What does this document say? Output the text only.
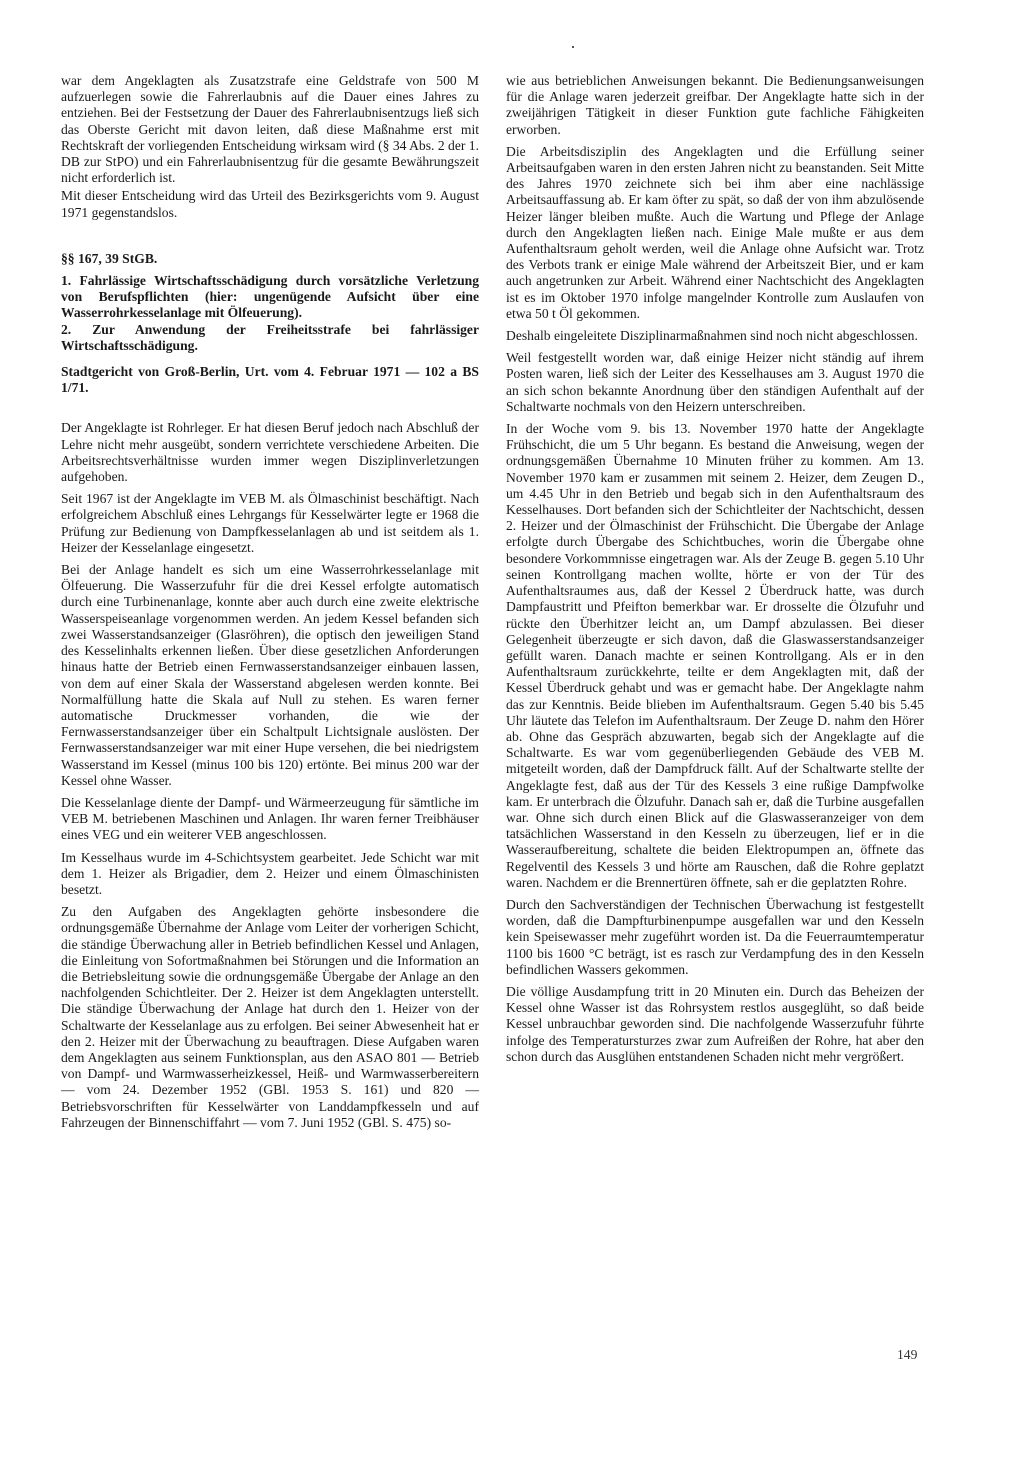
war dem Angeklagten als Zusatzstrafe eine Geldstrafe von 500 M aufzuerlegen sowie die Fahrerlaubnis auf die Dauer eines Jahres zu entziehen. Bei der Festsetzung der Dauer des Fahrerlaubnisentzugs ließ sich das Oberste Gericht mit davon leiten, daß diese Maßnahme erst mit Rechtskraft der vorliegenden Entscheidung wirksam wird (§ 34 Abs. 2 der 1. DB zur StPO) und ein Fahrerlaubnisentzug für die gesamte Bewährungszeit nicht erforderlich ist.

Mit dieser Entscheidung wird das Urteil des Bezirksgerichts vom 9. August 1971 gegenstandslos.

§§ 167, 39 StGB.

1. Fahrlässige Wirtschaftsschädigung durch vorsätzliche Verletzung von Berufspflichten (hier: ungenügende Aufsicht über eine Wasserrohrkesselanlage mit Ölfeuerung).

2. Zur Anwendung der Freiheitsstrafe bei fahrlässiger Wirtschaftsschädigung.

Stadtgericht von Groß-Berlin, Urt. vom 4. Februar 1971 — 102 a BS 1/71.

Der Angeklagte ist Rohrleger. Er hat diesen Beruf jedoch nach Abschluß der Lehre nicht mehr ausgeübt, sondern verrichtete verschiedene Arbeiten. Die Arbeitsrechtsverhältnisse wurden immer wegen Disziplinverletzungen aufgehoben.

Seit 1967 ist der Angeklagte im VEB M. als Ölmaschinist beschäftigt. Nach erfolgreichem Abschluß eines Lehrgangs für Kesselwärter legte er 1968 die Prüfung zur Bedienung von Dampfkesselanlagen ab und ist seitdem als 1. Heizer der Kesselanlage eingesetzt.

Bei der Anlage handelt es sich um eine Wasserrohrkesselanlage mit Ölfeuerung. Die Wasserzufuhr für die drei Kessel erfolgte automatisch durch eine Turbinenanlage, konnte aber auch durch eine zweite elektrische Wasserspeiseanlage vorgenommen werden. An jedem Kessel befanden sich zwei Wasserstandsanzeiger (Glasröhren), die optisch den jeweiligen Stand des Kesselinhalts erkennen ließen. Über diese gesetzlichen Anforderungen hinaus hatte der Betrieb einen Fernwasserstandsanzeiger einbauen lassen, von dem auf einer Skala der Wasserstand abgelesen werden konnte. Bei Normalfüllung hatte die Skala auf Null zu stehen. Es waren ferner automatische Druckmesser vorhanden, die wie der Fernwasserstandsanzeiger über ein Schaltpult Lichtsignale auslösten. Der Fernwasserstandsanzeiger war mit einer Hupe versehen, die bei niedrigstem Wasserstand im Kessel (minus 100 bis 120) ertönte. Bei minus 200 war der Kessel ohne Wasser.

Die Kesselanlage diente der Dampf- und Wärmeerzeugung für sämtliche im VEB M. betriebenen Maschinen und Anlagen. Ihr waren ferner Treibhäuser eines VEG und ein weiterer VEB angeschlossen.

Im Kesselhaus wurde im 4-Schichtsystem gearbeitet. Jede Schicht war mit dem 1. Heizer als Brigadier, dem 2. Heizer und einem Ölmaschinisten besetzt.

Zu den Aufgaben des Angeklagten gehörte insbesondere die ordnungsgemäße Übernahme der Anlage vom Leiter der vorherigen Schicht, die ständige Überwachung aller in Betrieb befindlichen Kessel und Anlagen, die Einleitung von Sofortmaßnahmen bei Störungen und die Information an die Betriebsleitung sowie die ordnungsgemäße Übergabe der Anlage an den nachfolgenden Schichtleiter. Der 2. Heizer ist dem Angeklagten unterstellt. Die ständige Überwachung der Anlage hat durch den 1. Heizer von der Schaltwarte der Kesselanlage aus zu erfolgen. Bei seiner Abwesenheit hat er den 2. Heizer mit der Überwachung zu beauftragen. Diese Aufgaben waren dem Angeklagten aus seinem Funktionsplan, aus den ASAO 801 — Betrieb von Dampf- und Warmwasserheizkessel, Heiß- und Warmwasserbereitern — vom 24. Dezember 1952 (GBl. 1953 S. 161) und 820 — Betriebsvorschriften für Kesselwärter von Landdampfkesseln und auf Fahrzeugen der Binnenschiffahrt — vom 7. Juni 1952 (GBl. S. 475) so-

wie aus betrieblichen Anweisungen bekannt. Die Bedienungsanweisungen für die Anlage waren jederzeit greifbar. Der Angeklagte hatte sich in der zweijährigen Tätigkeit in dieser Funktion gute fachliche Fähigkeiten erworben.

Die Arbeitsdisziplin des Angeklagten und die Erfüllung seiner Arbeitsaufgaben waren in den ersten Jahren nicht zu beanstanden. Seit Mitte des Jahres 1970 zeichnete sich bei ihm aber eine nachlässige Arbeitsauffassung ab. Er kam öfter zu spät, so daß der von ihm abzulösende Heizer länger bleiben mußte. Auch die Wartung und Pflege der Anlage durch den Angeklagten ließen nach. Einige Male mußte er aus dem Aufenthaltsraum geholt werden, weil die Anlage ohne Aufsicht war. Trotz des Verbots trank er einige Male während der Arbeitszeit Bier, und er kam auch angetrunken zur Arbeit. Während einer Nachtschicht des Angeklagten ist es im Oktober 1970 infolge mangelnder Kontrolle zum Auslaufen von etwa 50 t Öl gekommen.

Deshalb eingeleitete Disziplinarmaßnahmen sind noch nicht abgeschlossen.

Weil festgestellt worden war, daß einige Heizer nicht ständig auf ihrem Posten waren, ließ sich der Leiter des Kesselhauses am 3. August 1970 die an sich schon bekannte Anordnung über den ständigen Aufenthalt auf der Schaltwarte nochmals von den Heizern unterschreiben.

In der Woche vom 9. bis 13. November 1970 hatte der Angeklagte Frühschicht, die um 5 Uhr begann. Es bestand die Anweisung, wegen der ordnungsgemäßen Übernahme 10 Minuten früher zu kommen. Am 13. November 1970 kam er zusammen mit seinem 2. Heizer, dem Zeugen D., um 4.45 Uhr in den Betrieb und begab sich in den Aufenthaltsraum des Kesselhauses. Dort befanden sich der Schichtleiter der Nachtschicht, dessen 2. Heizer und der Ölmaschinist der Frühschicht. Die Übergabe der Anlage erfolgte durch Übergabe des Schichtbuches, worin die Übergabe ohne besondere Vorkommnisse eingetragen war. Als der Zeuge B. gegen 5.10 Uhr seinen Kontrollgang machen wollte, hörte er von der Tür des Aufenthaltsraumes aus, daß der Kessel 2 Überdruck hatte, was durch Dampfaustritt und Pfeifton bemerkbar war. Er drosselte die Ölzufuhr und rückte den Überhitzer leicht an, um Dampf abzulassen. Bei dieser Gelegenheit überzeugte er sich davon, daß die Glaswasserstandsanzeiger gefüllt waren. Danach machte er seinen Kontrollgang. Als er in den Aufenthaltsraum zurückkehrte, teilte er dem Angeklagten mit, daß der Kessel Überdruck gehabt und was er gemacht habe. Der Angeklagte nahm das zur Kenntnis. Beide blieben im Aufenthaltsraum. Gegen 5.40 bis 5.45 Uhr läutete das Telefon im Aufenthaltsraum. Der Zeuge D. nahm den Hörer ab. Ohne das Gespräch abzuwarten, begab sich der Angeklagte auf die Schaltwarte. Es war vom gegenüberliegenden Gebäude des VEB M. mitgeteilt worden, daß der Dampfdruck fällt. Auf der Schaltwarte stellte der Angeklagte fest, daß aus der Tür des Kessels 3 eine rußige Dampfwolke kam. Er unterbrach die Ölzufuhr. Danach sah er, daß die Turbine ausgefallen war. Ohne sich durch einen Blick auf die Glaswasseranzeiger von dem tatsächlichen Wasserstand in den Kesseln zu überzeugen, lief er in die Wasseraufbereitung, schaltete die beiden Elektropumpen an, öffnete das Regelventil des Kessels 3 und hörte am Rauschen, daß die Rohre geplatzt waren. Nachdem er die Brennertüren öffnete, sah er die geplatzten Rohre.

Durch den Sachverständigen der Technischen Überwachung ist festgestellt worden, daß die Dampfturbinenpumpe ausgefallen war und den Kesseln kein Speisewasser mehr zugeführt worden ist. Da die Feuerraumtemperatur 1100 bis 1600 °C beträgt, ist es rasch zur Verdampfung des in den Kesseln befindlichen Wassers gekommen.

Die völlige Ausdampfung tritt in 20 Minuten ein. Durch das Beheizen der Kessel ohne Wasser ist das Rohrsystem restlos ausgeglüht, so daß beide Kessel unbrauchbar geworden sind. Die nachfolgende Wasserzufuhr führte infolge des Temperatursturzes zwar zum Aufreißen der Rohre, hat aber den schon durch das Ausglühen entstandenen Schaden nicht mehr vergrößert.

149
